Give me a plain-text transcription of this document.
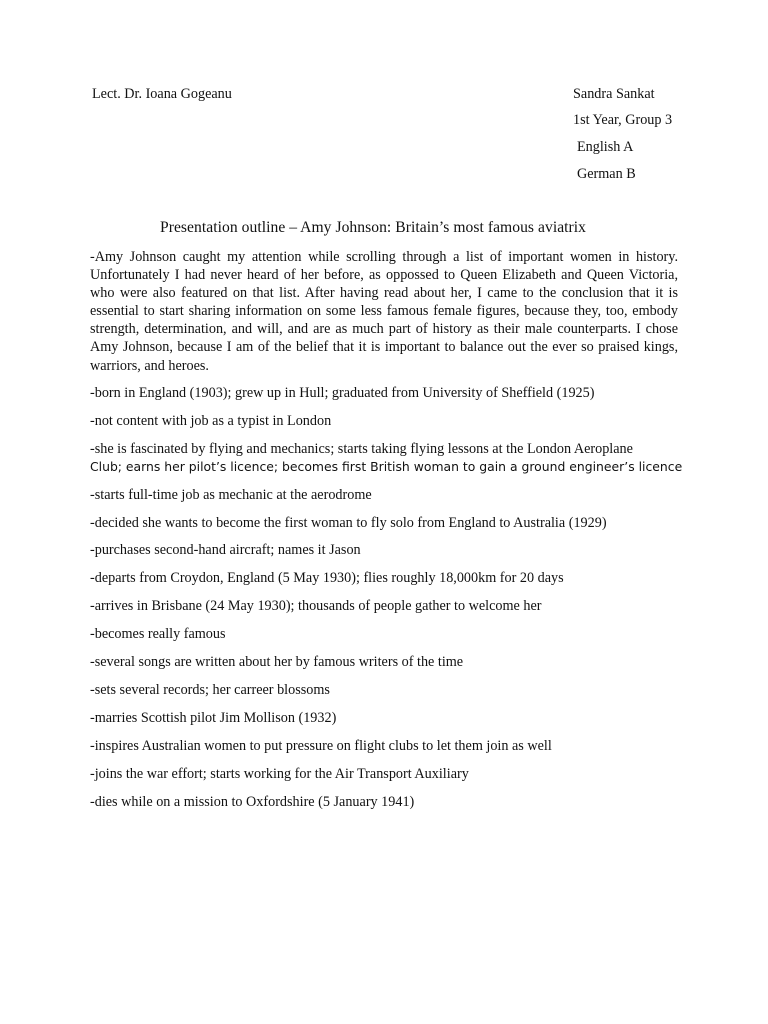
Lect. Dr. Ioana Gogeanu	Sandra Sankat
1st Year, Group 3
English A
German B
Presentation outline – Amy Johnson: Britain’s most famous aviatrix

-Amy Johnson caught my attention while scrolling through a list of important women in history. Unfortunately I had never heard of her before, as oppossed to Queen Elizabeth and Queen Victoria, who were also featured on that list. After having read about her, I came to the conclusion that it is essential to start sharing information on some less famous female figures, because they, too, embody strength, determination, and will, and are as much part of history as their male counterparts. I chose Amy Johnson, because I am of the belief that it is important to balance out the ever so praised kings, warriors, and heroes.

-born in England (1903); grew up in Hull; graduated from University of Sheffield (1925)
-not content with job as a typist in London
-she is fascinated by flying and mechanics; starts taking flying lessons at the London Aeroplane
Club; earns her pilot’s licence; becomes first British woman to gain a ground engineer’s licence
-starts full-time job as mechanic at the aerodrome
-decided she wants to become the first woman to fly solo from England to Australia (1929)
-purchases second-hand aircraft; names it Jason
-departs from Croydon, England (5 May 1930); flies roughly 18,000km for 20 days
-arrives in Brisbane (24 May 1930); thousands of people gather to welcome her
-becomes really famous
-several songs are written about her by famous writers of the time
-sets several records; her carreer blossoms
-marries Scottish pilot Jim Mollison (1932)
-inspires Australian women to put pressure on flight clubs to let them join as well
-joins the war effort; starts working for the Air Transport Auxiliary
-dies while on a mission to Oxfordshire (5 January 1941)
